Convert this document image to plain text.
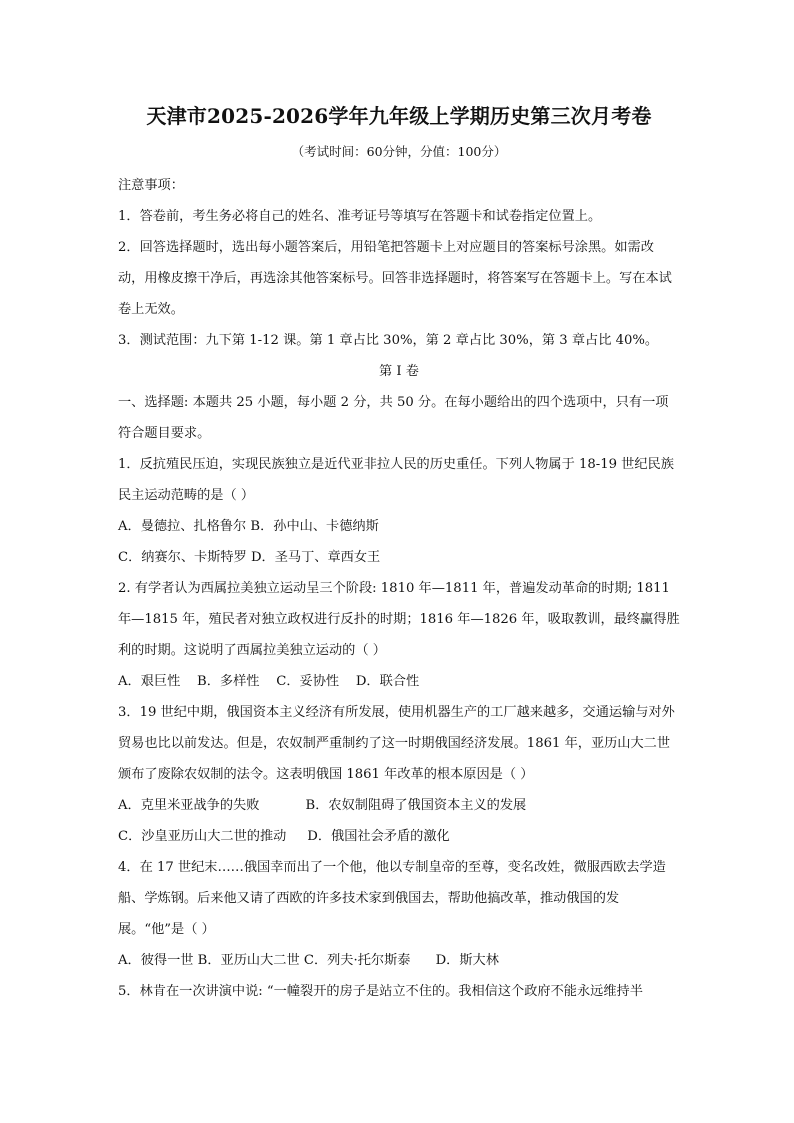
天津市2025-2026学年九年级上学期历史第三次月考卷
（考试时间：60分钟，分值：100分）
注意事项：

1．答卷前，考生务必将自己的姓名、准考证号等填写在答题卡和试卷指定位置上。

2．回答选择题时，选出每小题答案后，用铅笔把答题卡上对应题目的答案标号涂黑。如需改动，用橡皮擦干净后，再选涂其他答案标号。回答非选择题时，将答案写在答题卡上。写在本试卷上无效。

3．测试范围：九下第 1-12 课。第 1 章占比 30%，第 2 章占比 30%，第 3 章占比 40%。

第 I 卷

一、选择题: 本题共 25 小题，每小题 2 分，共 50 分。在每小题给出的四个选项中，只有一项符合题目要求。

1．反抗殖民压迫，实现民族独立是近代亚非拉人民的历史重任。下列人物属于 18-19 世纪民族民主运动范畴的是（ ）

A．曼德拉、扎格鲁尔 B．孙中山、卡德纳斯
C．纳赛尔、卡斯特罗 D．圣马丁、章西女王

2. 有学者认为西属拉美独立运动呈三个阶段: 1810 年—1811 年，普遍发动革命的时期; 1811 年—1815 年，殖民者对独立政权进行反扑的时期；1816 年—1826 年，吸取教训，最终赢得胜利的时期。这说明了西属拉美独立运动的（ ）

A．艰巨性    B．多样性    C．妥协性    D．联合性

3．19 世纪中期，俄国资本主义经济有所发展，使用机器生产的工厂越来越多，交通运输与对外贸易也比以前发达。但是，农奴制严重制约了这一时期俄国经济发展。1861 年，亚历山大二世颁布了废除农奴制的法令。这表明俄国 1861 年改革的根本原因是（ ）

A．克里米亚战争的失败           B．农奴制阻碍了俄国资本主义的发展
C．沙皇亚历山大二世的推动     D．俄国社会矛盾的激化

4．在 17 世纪末……俄国幸而出了一个他，他以专制皇帝的至尊，变名改姓，微服西欧去学造船、学炼钢。后来他又请了西欧的许多技术家到俄国去，帮助他搞改革，推动俄国的发展。“他”是（ ）

A．彼得一世 B．亚历山大二世 C．列夫·托尔斯泰      D．斯大林
5．林肯在一次讲演中说: “一幢裂开的房子是站立不住的。我相信这个政府不能永远维持半
